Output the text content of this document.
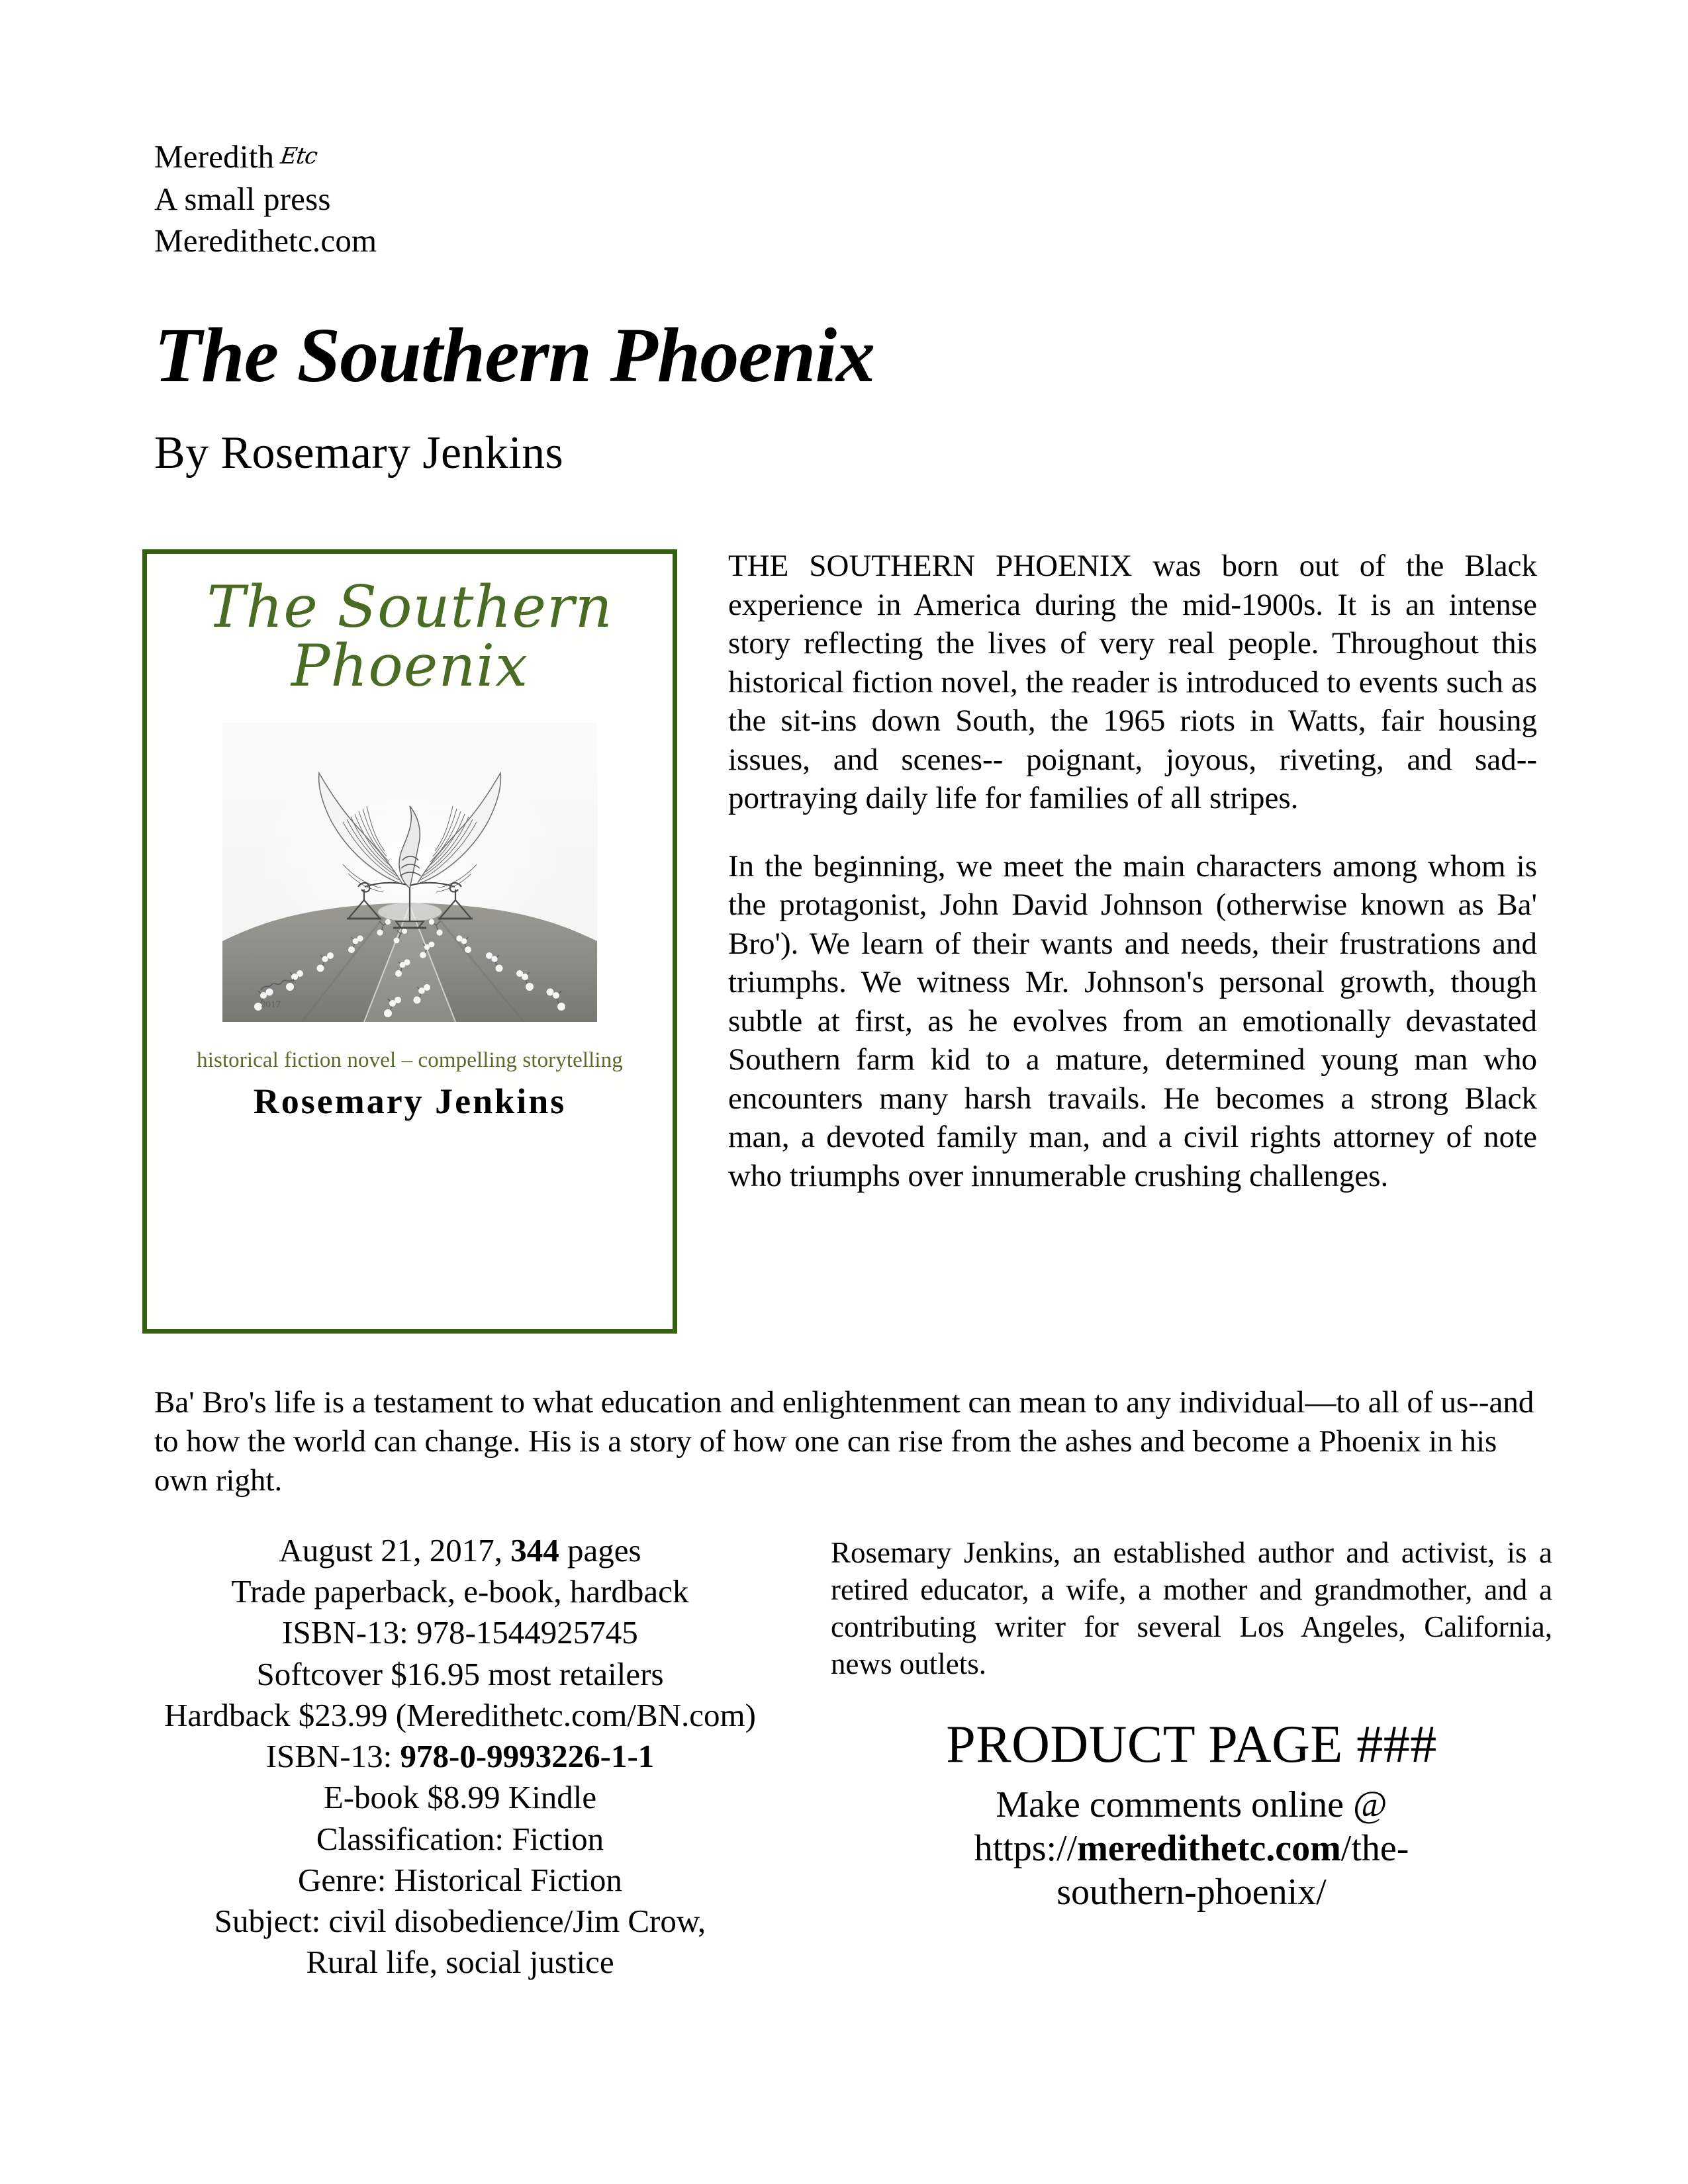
Meredith Etc
A small press
Meredithetc.com
The Southern Phoenix
By Rosemary Jenkins
The Southern
Phoenix
2017
historical fiction novel – compelling storytelling
Rosemary Jenkins

THE SOUTHERN PHOENIX was born out of the Black experience in America during the mid-1900s. It is an intense story reflecting the lives of very real people. Throughout this historical fiction novel, the reader is introduced to events such as the sit-ins down South, the 1965 riots in Watts, fair housing issues, and scenes-- poignant, joyous, riveting, and sad-- portraying daily life for families of all stripes.

In the beginning, we meet the main characters among whom is the protagonist, John David Johnson (otherwise known as Ba' Bro'). We learn of their wants and needs, their frustrations and triumphs. We witness Mr. Johnson's personal growth, though subtle at first, as he evolves from an emotionally devastated Southern farm kid to a mature, determined young man who encounters many harsh travails. He becomes a strong Black man, a devoted family man, and a civil rights attorney of note who triumphs over innumerable crushing challenges.

Ba' Bro's life is a testament to what education and enlightenment can mean to any individual—to all of us--and to how the world can change. His is a story of how one can rise from the ashes and become a Phoenix in his own right.
August 21, 2017, 344 pages
Trade paperback, e-book, hardback
ISBN-13: 978-1544925745
Softcover $16.95 most retailers
Hardback $23.99 (Meredithetc.com/BN.com)
ISBN-13: 978-0-9993226-1-1
E-book $8.99 Kindle
Classification: Fiction
Genre: Historical Fiction
Subject: civil disobedience/Jim Crow,
Rural life, social justice

Rosemary Jenkins, an established author and activist, is a retired educator, a wife, a mother and grandmother, and a contributing writer for several Los Angeles, California, news outlets.

PRODUCT PAGE ###
Make comments online @
https://meredithetc.com/the-
southern-phoenix/
